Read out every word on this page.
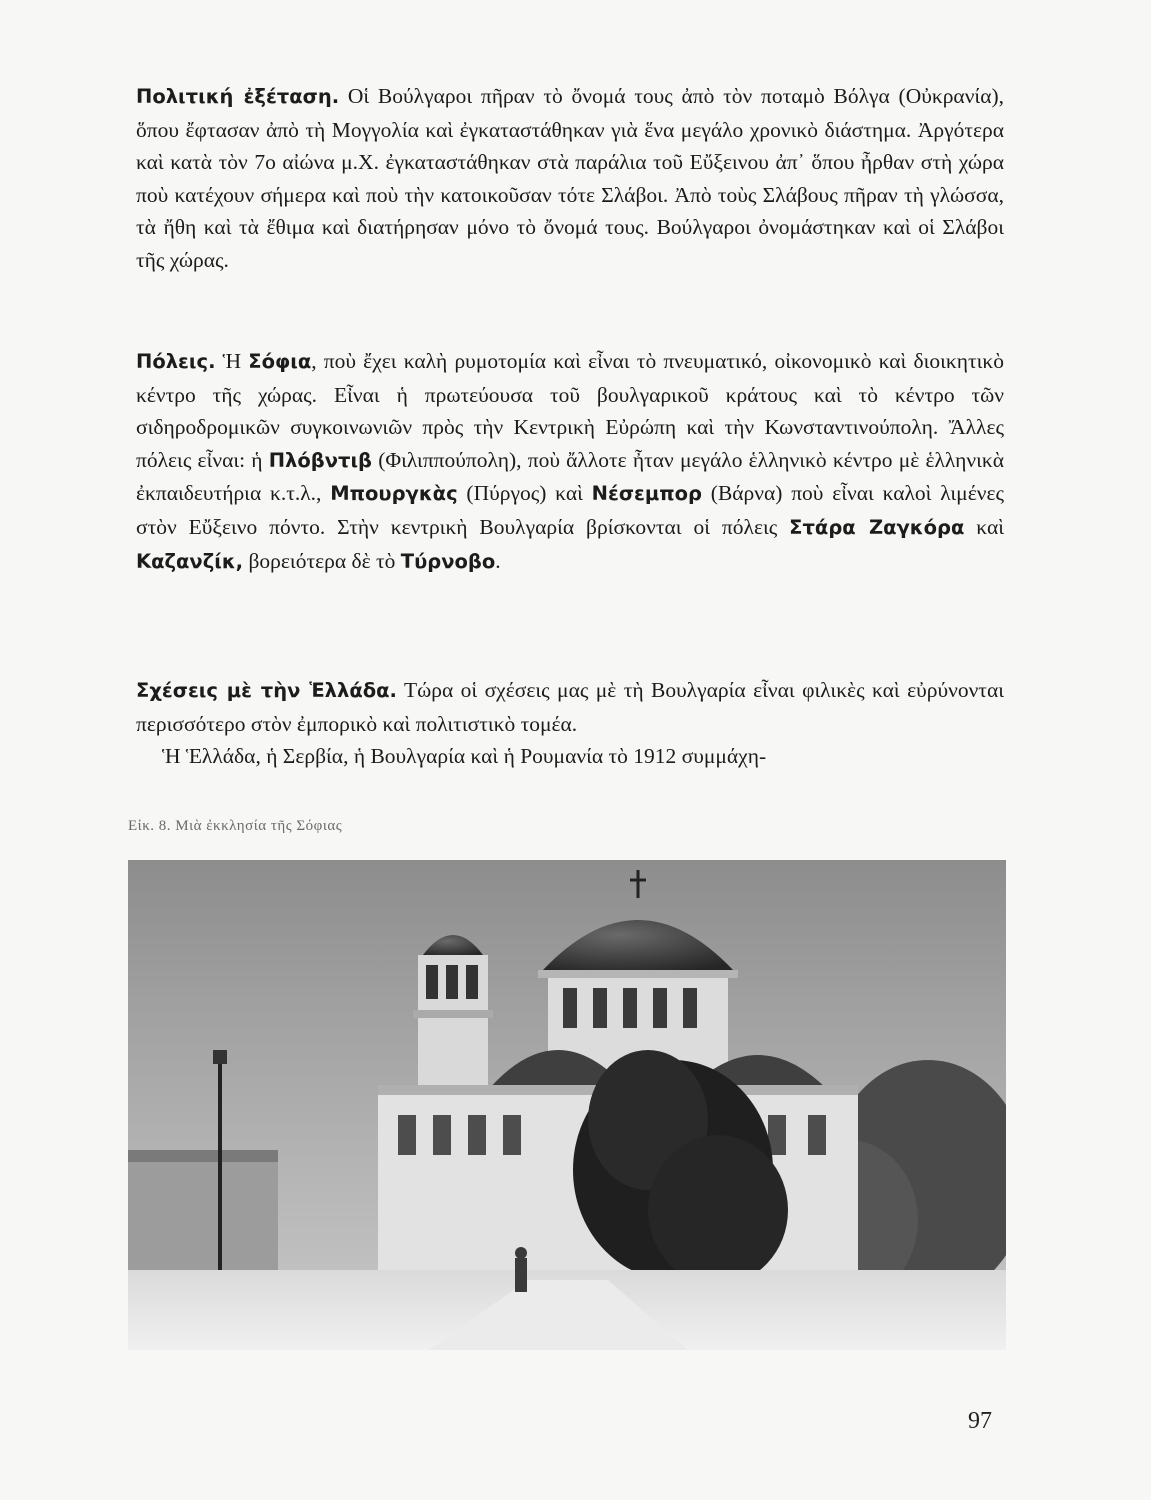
Πολιτική ἐξέταση. Οἱ Βούλγαροι πῆραν τὸ ὄνομά τους ἀπὸ τὸν ποταμὸ Βόλγα (Οὐκρανία), ὅπου ἔφτασαν ἀπὸ τὴ Μογγολία καὶ ἐγκαταστάθηκαν γιὰ ἕνα μεγάλο χρονικὸ διάστημα. Ἀργότερα καὶ κατὰ τὸν 7ο αἰώνα μ.Χ. ἐγκαταστάθηκαν στὰ παράλια τοῦ Εὔξεινου ἀπ᾽ ὅπου ἦρθαν στὴ χώρα ποὺ κατέχουν σήμερα καὶ ποὺ τὴν κατοικοῦσαν τότε Σλάβοι. Ἀπὸ τοὺς Σλάβους πῆραν τὴ γλώσσα, τὰ ἤθη καὶ τὰ ἔθιμα καὶ διατήρησαν μόνο τὸ ὄνομά τους. Βούλγαροι ὀνομάστηκαν καὶ οἱ Σλάβοι τῆς χώρας.

Πόλεις. Ἡ Σόφια, ποὺ ἔχει καλὴ ρυμοτομία καὶ εἶναι τὸ πνευματικό, οἰκονομικὸ καὶ διοικητικὸ κέντρο τῆς χώρας. Εἶναι ἡ πρωτεύουσα τοῦ βουλγαρικοῦ κράτους καὶ τὸ κέντρο τῶν σιδηροδρομικῶν συγκοινωνιῶν πρὸς τὴν Κεντρικὴ Εὐρώπη καὶ τὴν Κωνσταντινούπολη. Ἄλλες πόλεις εἶναι: ἡ Πλόβντιβ (Φιλιππούπολη), ποὺ ἄλλοτε ἦταν μεγάλο ἑλληνικὸ κέντρο μὲ ἑλληνικὰ ἐκπαιδευτήρια κ.τ.λ., Μπουργκὰς (Πύργος) καὶ Νέσεμπορ (Βάρνα) ποὺ εἶναι καλοὶ λιμένες στὸν Εὔξεινο πόντο. Στὴν κεντρικὴ Βουλγαρία βρίσκονται οἱ πόλεις Στάρα Ζαγκόρα καὶ Καζανζίκ, βορειότερα δὲ τὸ Τύρνοβο.

Σχέσεις μὲ τὴν Ἑλλάδα. Τώρα οἱ σχέσεις μας μὲ τὴ Βουλγαρία εἶναι φιλικὲς καὶ εὐρύνονται περισσότερο στὸν ἐμπορικὸ καὶ πολιτιστικὸ τομέα.
Ἡ Ἑλλάδα, ἡ Σερβία, ἡ Βουλγαρία καὶ ἡ Ρουμανία τὸ 1912 συμμάχη-

Εἰκ. 8. Μιὰ ἐκκλησία τῆς Σόφιας
97
